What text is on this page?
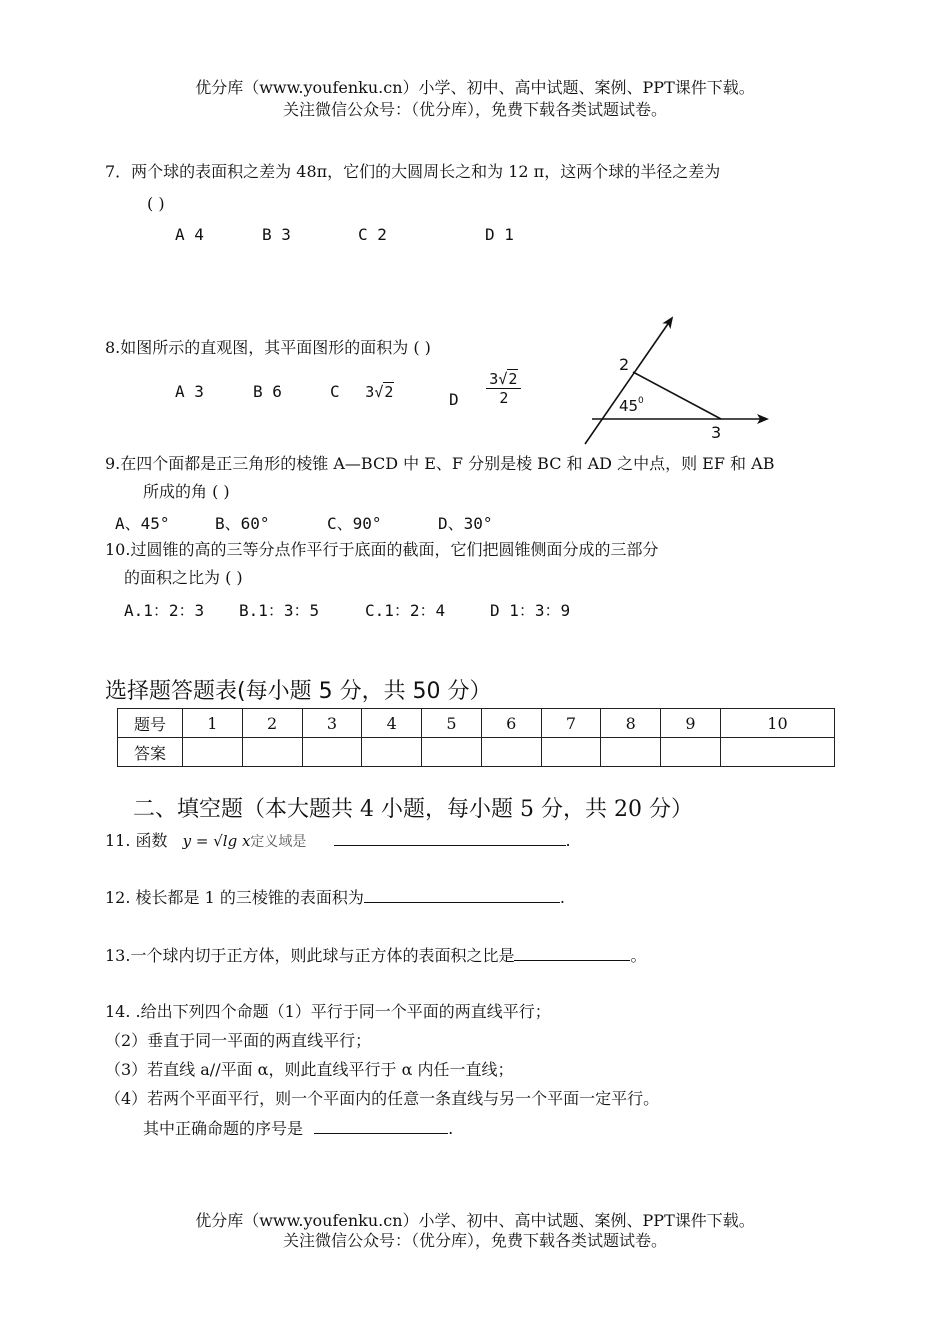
优分库（www.youfenku.cn）小学、初中、高中试题、案例、PPT课件下载。
关注微信公众号：（优分库），免费下载各类试题试卷。
7．两个球的表面积之差为 48π，它们的大圆周长之和为 12 π，这两个球的半径之差为
( )
A 4	B 3	C 2	D 1
8.如图所示的直观图，其平面图形的面积为 ( )
A 3	B 6	C 3√2	D $\frac{3√2}{2}$
2
3
45 0
9.在四个面都是正三角形的棱锥 A—BCD 中 E、F 分别是棱 BC 和 AD 之中点，则 EF 和 AB
所成的角 ( )
A、45°	B、60°	C、90°	D、30°
10.过圆锥的高的三等分点作平行于底面的截面，它们把圆锥侧面分成的三部分
的面积之比为 ( )
A.1：2：3 B.1：3：5	C.1：2：4	D 1：3：9
选择题答题表(每小题 5 分，共 50 分）
题号	1	2	3	4	5	6	7	8	9	10
答案										
二、填空题（本大题共 4 小题，每小题 5 分，共 20 分）
11. 函数 y = √lg x定义域是	.
12. 棱长都是 1 的三棱锥的表面积为	.
13.一个球内切于正方体，则此球与正方体的表面积之比是	。
14. .给出下列四个命题（1）平行于同一个平面的两直线平行；
（2）垂直于同一平面的两直线平行；
（3）若直线 a//平面 α，则此直线平行于 α 内任一直线；
（4）若两个平面平行，则一个平面内的任意一条直线与另一个平面一定平行。
其中正确命题的序号是	.
优分库（www.youfenku.cn）小学、初中、高中试题、案例、PPT课件下载。
关注微信公众号：（优分库），免费下载各类试题试卷。
